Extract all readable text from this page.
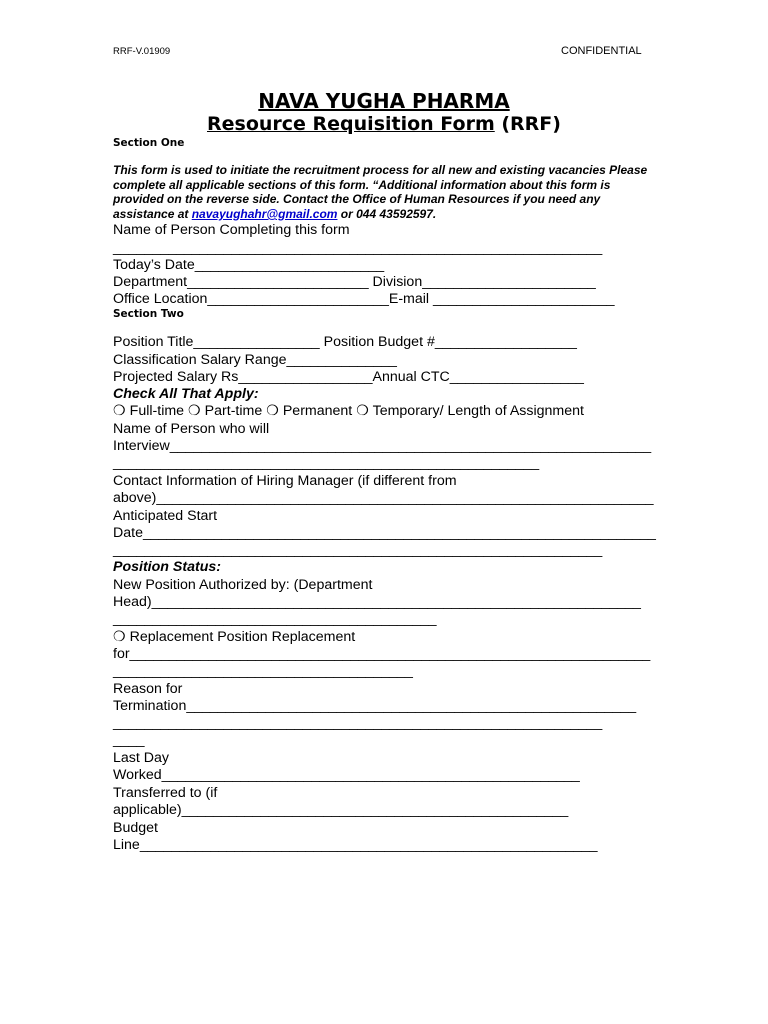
RRF-V.01909	CONFIDENTIAL
NAVA YUGHA PHARMA
Resource Requisition Form (RRF)
Section One
This form is used to initiate the recruitment process for all new and existing vacancies Please complete all applicable sections of this form. “Additional information about this form is provided on the reverse side. Contact the Office of Human Resources if you need any assistance at navayughahr@gmail.com or 044 43592597.
Name of Person Completing this form
______________________________________________________________
Today’s Date________________________
Department_______________________ Division______________________
Office Location_______________________E-mail _______________________
Section Two
Position Title________________ Position Budget #__________________
Classification Salary Range______________
Projected Salary Rs_________________Annual CTC_________________
Check All That Apply:
❍ Full-time ❍ Part-time ❍ Permanent ❍ Temporary/ Length of Assignment
Name of Person who will
Interview_____________________________________________________________
______________________________________________________
Contact Information of Hiring Manager (if different from
above)_______________________________________________________________
Anticipated Start
Date_________________________________________________________________
______________________________________________________________
Position Status:
New Position Authorized by: (Department
Head)______________________________________________________________
_________________________________________
❍ Replacement Position Replacement
for__________________________________________________________________
______________________________________
Reason for
Termination_________________________________________________________
______________________________________________________________
____
Last Day
Worked_____________________________________________________
Transferred to (if
applicable)_________________________________________________
Budget
Line__________________________________________________________
